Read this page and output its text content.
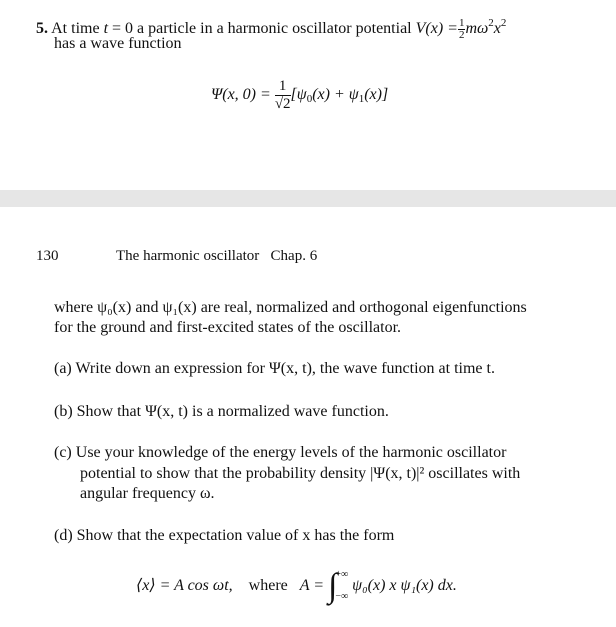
5. At time t = 0 a particle in a harmonic oscillator potential $V(x) = \frac{1}{2} m\omega^2x^2$
has a wave function
Ψ(x, $0) = \frac{1}{√2} [\psi_0(x) + \psi_1(x)]$
130	The harmonic oscillator   Chap. 6
where ψ₀(x) and ψ₁(x) are real, normalized and orthogonal eigenfunctions
for the ground and first-excited states of the oscillator.
(a) Write down an expression for Ψ(x, t), the wave function at time t.
(b) Show that Ψ(x, t) is a normalized wave function.
(c) Use your knowledge of the energy levels of the harmonic oscillator
potential to show that the probability density |Ψ(x, t)|² oscillates with
angular frequency ω.
(d) Show that the expectation value of x has the form
⟨x⟩ = A cos ωt, where A = ∫
+∞
−∞
ψ₀(x) x ψ₁(x) dx.
